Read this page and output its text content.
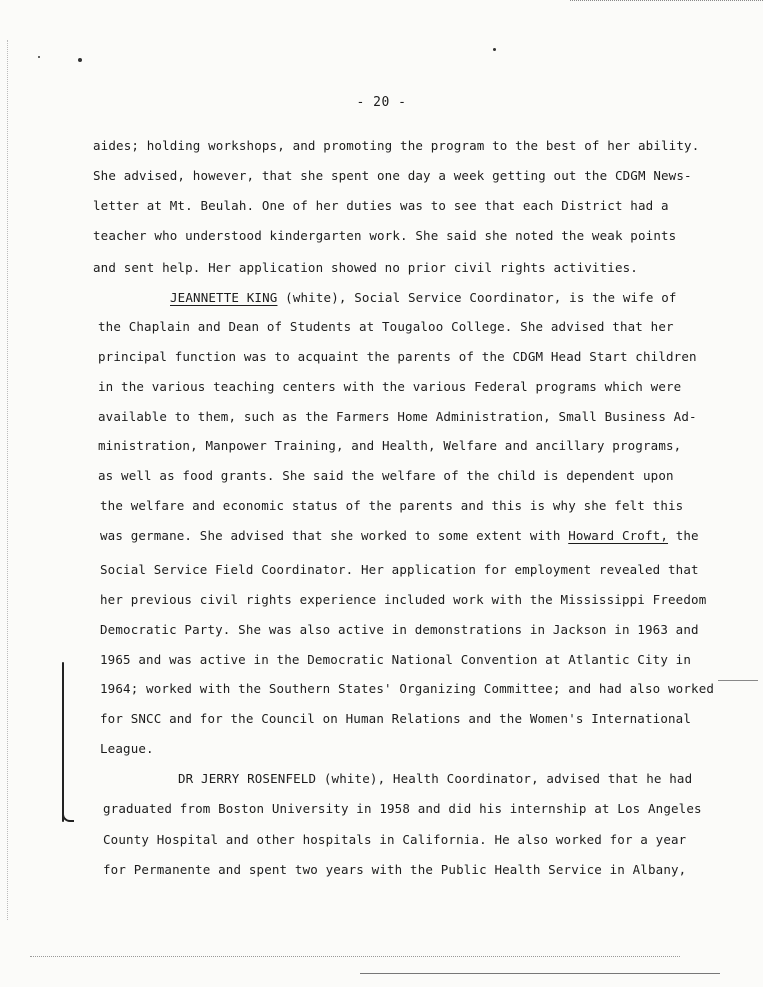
- 20 -
aides; holding workshops, and promoting the program to the best of her ability.
She advised, however, that she spent one day a week getting out the CDGM News-
letter at Mt. Beulah. One of her duties was to see that each District had a
teacher who understood kindergarten work. She said she noted the weak points
and sent help. Her application showed no prior civil rights activities.
JEANNETTE KING (white), Social Service Coordinator, is the wife of
the Chaplain and Dean of Students at Tougaloo College. She advised that her
principal function was to acquaint the parents of the CDGM Head Start children
in the various teaching centers with the various Federal programs which were
available to them, such as the Farmers Home Administration, Small Business Ad-
ministration, Manpower Training, and Health, Welfare and ancillary programs,
as well as food grants. She said the welfare of the child is dependent upon
the welfare and economic status of the parents and this is why she felt this
was germane. She advised that she worked to some extent with Howard Croft, the
Social Service Field Coordinator. Her application for employment revealed that
her previous civil rights experience included work with the Mississippi Freedom
Democratic Party. She was also active in demonstrations in Jackson in 1963 and
1965 and was active in the Democratic National Convention at Atlantic City in
1964; worked with the Southern States' Organizing Committee; and had also worked
for SNCC and for the Council on Human Relations and the Women's International
League.
DR JERRY ROSENFELD (white), Health Coordinator, advised that he had
graduated from Boston University in 1958 and did his internship at Los Angeles
County Hospital and other hospitals in California. He also worked for a year
for Permanente and spent two years with the Public Health Service in Albany,
